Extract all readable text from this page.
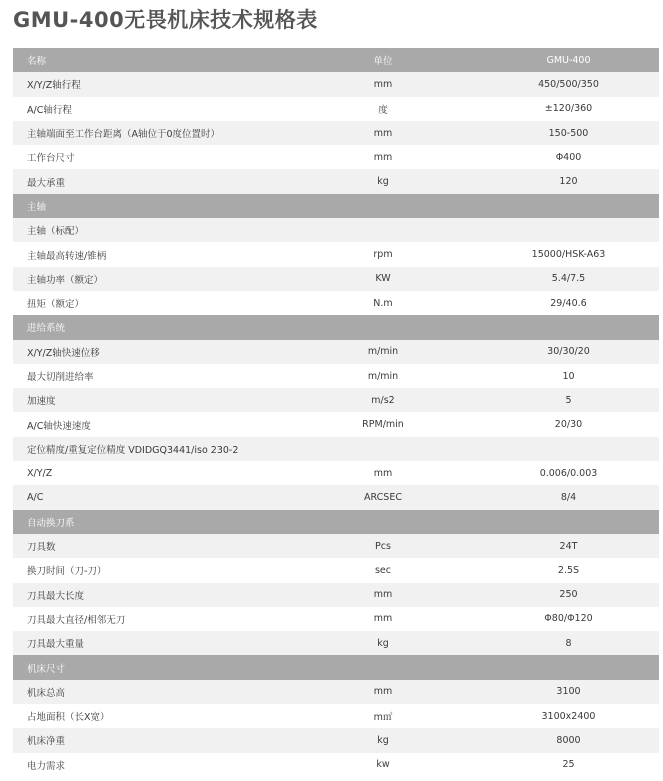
GMU-400无畏机床技术规格表
名称	单位	GMU-400
X/Y/Z轴行程	mm	450/500/350
A/C轴行程	度	±120/360
主轴端面至工作台距离（A轴位于0度位置时）	mm	150-500
工作台尺寸	mm	Φ400
最大承重	kg	120
主轴
主轴（标配）
主轴最高转速/锥柄	rpm	15000/HSK-A63
主轴功率（额定）	KW	5.4/7.5
扭矩（额定）	N.m	29/40.6
进给系统
X/Y/Z轴快速位移	m/min	30/30/20
最大切削进给率	m/min	10
加速度	m/s2	5
A/C轴快速速度	RPM/min	20/30
定位精度/重复定位精度 VDIDGQ3441/iso 230-2
X/Y/Z	mm	0.006/0.003
A/C	ARCSEC	8/4
自动换刀系
刀具数	Pcs	24T
换刀时间（刀-刀）	sec	2.5S
刀具最大长度	mm	250
刀具最大直径/相邻无刀	mm	Φ80/Φ120
刀具最大重量	kg	8
机床尺寸
机床总高	mm	3100
占地面积（长X宽）	m㎡	3100x2400
机床净重	kg	8000
电力需求	kw	25
